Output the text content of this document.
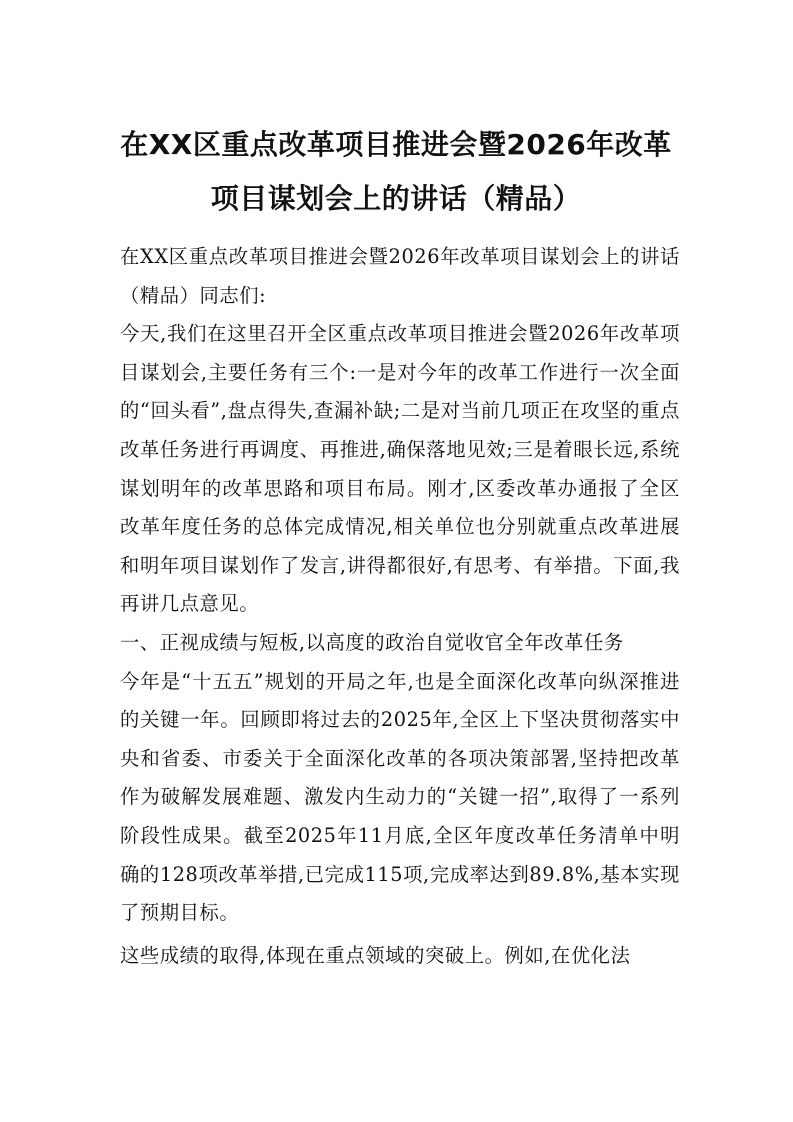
在XX区重点改革项目推进会暨2026年改革
项目谋划会上的讲话（精品）

在XX区重点改革项目推进会暨2026年改革项目谋划会上的讲话（精品）同志们:

今天,我们在这里召开全区重点改革项目推进会暨2026年改革项目谋划会,主要任务有三个:一是对今年的改革工作进行一次全面的“回头看”,盘点得失,查漏补缺;二是对当前几项正在攻坚的重点改革任务进行再调度、再推进,确保落地见效;三是着眼长远,系统谋划明年的改革思路和项目布局。刚才,区委改革办通报了全区改革年度任务的总体完成情况,相关单位也分别就重点改革进展和明年项目谋划作了发言,讲得都很好,有思考、有举措。下面,我再讲几点意见。

一、正视成绩与短板,以高度的政治自觉收官全年改革任务

今年是“十五五”规划的开局之年,也是全面深化改革向纵深推进的关键一年。回顾即将过去的2025年,全区上下坚决贯彻落实中央和省委、市委关于全面深化改革的各项决策部署,坚持把改革作为破解发展难题、激发内生动力的“关键一招”,取得了一系列阶段性成果。截至2025年11月底,全区年度改革任务清单中明确的128项改革举措,已完成115项,完成率达到89.8%,基本实现了预期目标。

这些成绩的取得,体现在重点领域的突破上。例如,在优化法
